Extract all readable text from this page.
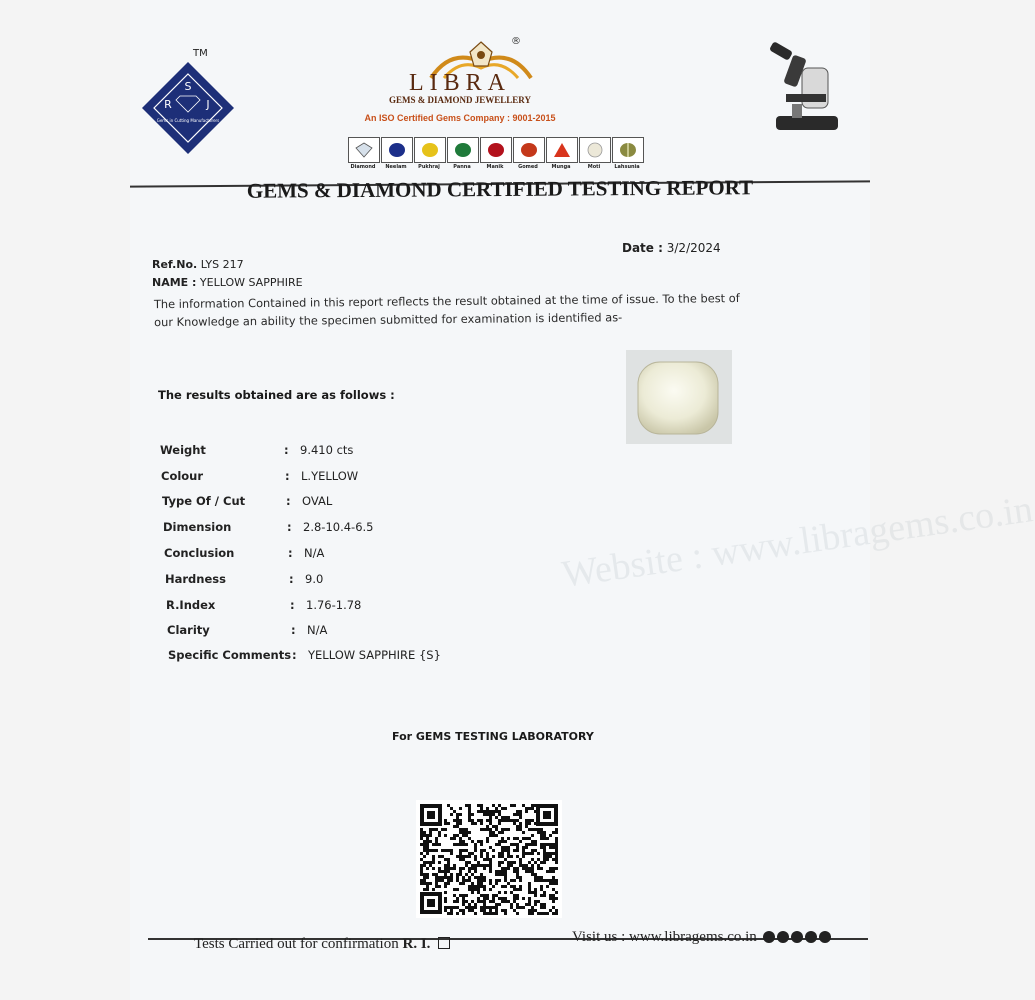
Website : www.libragems.co.in
S
R	J
Gems in Cutting Manufacturers
TM
®
LIBRA
GEMS & DIAMOND JEWELLERY
An ISO Certified Gems Company : 9001-2015
Diamond	Neelam	Pukhraj	Panna	Manik	Gomed	Munga	Moti	Lahsunia
GEMS & DIAMOND CERTIFIED TESTING REPORT
Date : 3/2/2024
Ref.No. LYS 217
NAME : YELLOW SAPPHIRE
The information Contained in this report reflects the result obtained at the time of issue. To the best of our Knowledge an ability the specimen submitted for examination is identified as-
The results obtained are as follows :
Weight	: 9.410 cts
Colour	: L.YELLOW
Type Of / Cut	: OVAL
Dimension	: 2.8-10.4-6.5
Conclusion	: N/A
Hardness	: 9.0
R.Index	: 1.76-1.78
Clarity	: N/A
Specific Comments : YELLOW SAPPHIRE {S}
For GEMS TESTING LABORATORY
Tests Carried out for confirmation R. I.	Visit us : www.libragems.co.in
